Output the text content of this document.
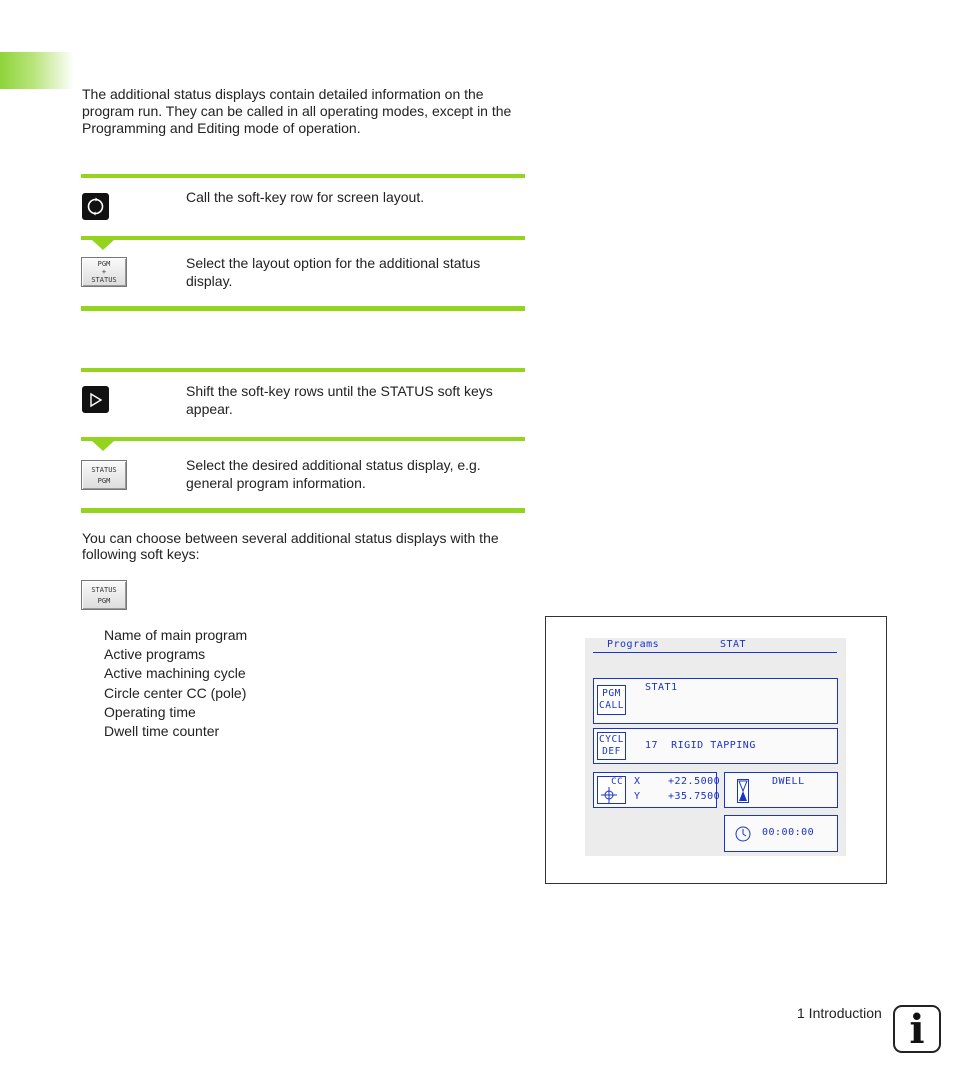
The additional status displays contain detailed information on the program run. They can be called in all operating modes, except in the Programming and Editing mode of operation.

Call the soft-key row for screen layout.

PGM
+
STATUS

Select the layout option for the additional status display.

Shift the soft-key rows until the STATUS soft keys appear.

STATUS
PGM

Select the desired additional status display, e.g. general program information.

You can choose between several additional status displays with the following soft keys:

STATUS
PGM
Name of main program
Active programs
Active machining cycle
Circle center CC (pole)
Operating time
Dwell time counter
Programs	STAT
PGM
CALL
STAT1
CYCL
DEF
17  RIGID TAPPING
CC X	+22.5000
Y	+35.7500
DWELL
00:00:00
1 Introduction i
